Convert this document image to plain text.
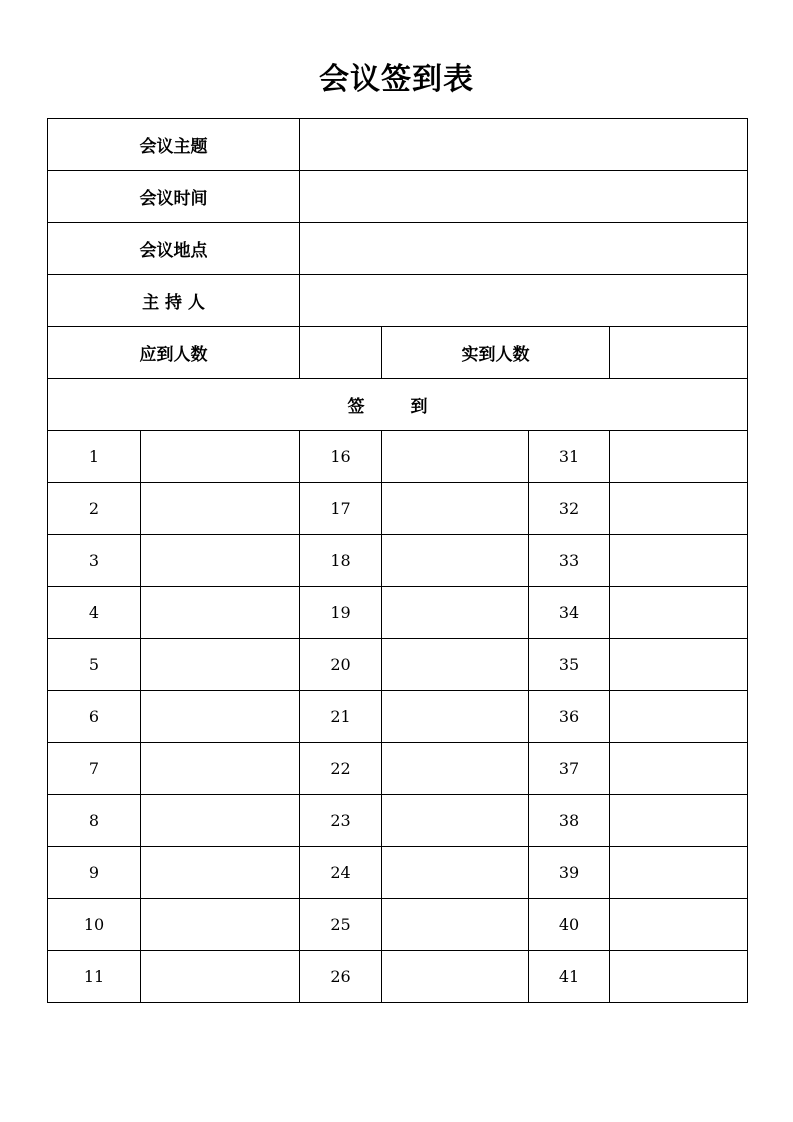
会议签到表
会议主题					
会议时间					
会议地点					
主 持 人					
应到人数			实到人数		
签 到					
1		16		31	
2		17		32	
3		18		33	
4		19		34	
5		20		35	
6		21		36	
7		22		37	
8		23		38	
9		24		39	
10		25		40	
11		26		41	
